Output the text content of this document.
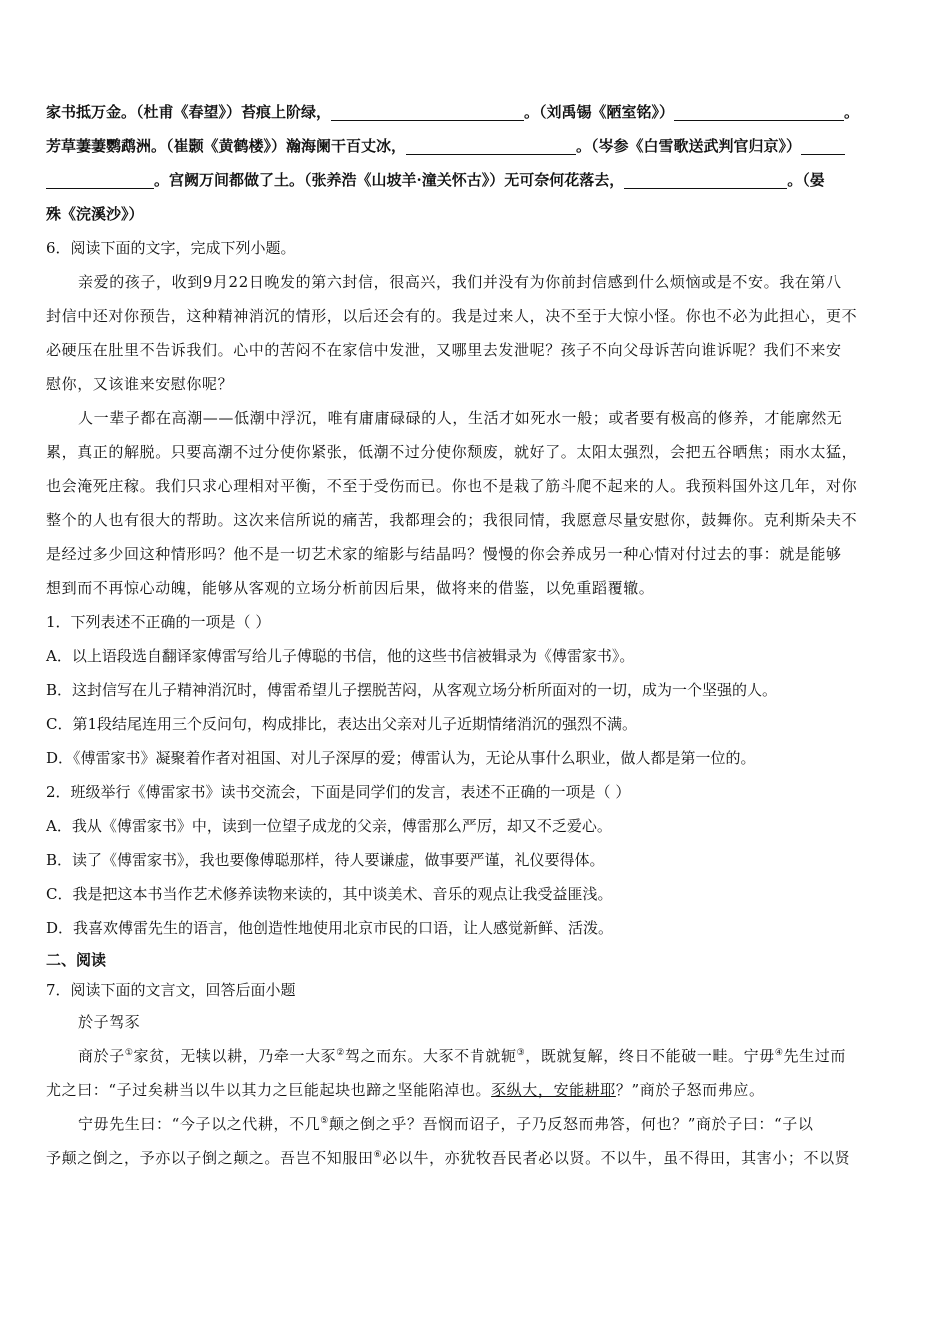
家书抵万金。（杜甫《春望》）苔痕上阶绿，	。（刘禹锡《陋室铭》）	。

芳草萋萋鹦鹉洲。（崔颢《黄鹤楼》）瀚海阑干百丈冰，	。（岑参《白雪歌送武判官归京》）

。宫阙万间都做了土。（张养浩《山坡羊·潼关怀古》）无可奈何花落去，	。（晏

殊《浣溪沙》）

6．阅读下面的文字，完成下列小题。

亲爱的孩子，收到9月22日晚发的第六封信，很高兴，我们并没有为你前封信感到什么烦恼或是不安。我在第八

封信中还对你预告，这种精神消沉的情形，以后还会有的。我是过来人，决不至于大惊小怪。你也不必为此担心，更不

必硬压在肚里不告诉我们。心中的苦闷不在家信中发泄，又哪里去发泄呢？孩子不向父母诉苦向谁诉呢？我们不来安

慰你，又该谁来安慰你呢？

人一辈子都在高潮——低潮中浮沉，唯有庸庸碌碌的人，生活才如死水一般；或者要有极高的修养，才能廓然无

累，真正的解脱。只要高潮不过分使你紧张，低潮不过分使你颓废，就好了。太阳太强烈，会把五谷晒焦；雨水太猛，

也会淹死庄稼。我们只求心理相对平衡，不至于受伤而已。你也不是栽了筋斗爬不起来的人。我预料国外这几年，对你

整个的人也有很大的帮助。这次来信所说的痛苦，我都理会的；我很同情，我愿意尽量安慰你，鼓舞你。克利斯朵夫不

是经过多少回这种情形吗？他不是一切艺术家的缩影与结晶吗？慢慢的你会养成另一种心情对付过去的事：就是能够

想到而不再惊心动魄，能够从客观的立场分析前因后果，做将来的借鉴，以免重蹈覆辙。

1．下列表述不正确的一项是（ ）

A．以上语段选自翻译家傅雷写给儿子傅聪的书信，他的这些书信被辑录为《傅雷家书》。

B．这封信写在儿子精神消沉时，傅雷希望儿子摆脱苦闷，从客观立场分析所面对的一切，成为一个坚强的人。

C．第1段结尾连用三个反问句，构成排比，表达出父亲对儿子近期情绪消沉的强烈不满。

D．《傅雷家书》凝聚着作者对祖国、对儿子深厚的爱；傅雷认为，无论从事什么职业，做人都是第一位的。

2．班级举行《傅雷家书》读书交流会，下面是同学们的发言，表述不正确的一项是（ ）

A．我从《傅雷家书》中，读到一位望子成龙的父亲，傅雷那么严厉，却又不乏爱心。

B．读了《傅雷家书》，我也要像傅聪那样，待人要谦虚，做事要严谨，礼仪要得体。

C．我是把这本书当作艺术修养读物来读的，其中谈美术、音乐的观点让我受益匪浅。

D．我喜欢傅雷先生的语言，他创造性地使用北京市民的口语，让人感觉新鲜、活泼。

二、阅读

7．阅读下面的文言文，回答后面小题

於子驾豕

商於子①家贫，无犊以耕，乃牵一大豕②驾之而东。大豕不肯就轭③，既就复解，终日不能破一畦。宁毋④先生过而

尤之曰：“子过矣耕当以牛以其力之巨能起块也蹄之坚能陷淖也。豕纵大，安能耕耶？”商於子怒而弗应。

宁毋先生曰：“今子以之代耕，不几⑤颠之倒之乎？吾悯而诏子，子乃反怒而弗答，何也？”商於子曰：“子以

予颠之倒之，予亦以子倒之颠之。吾岂不知服田⑥必以牛，亦犹牧吾民者必以贤。不以牛，虽不得田，其害小；不以贤
